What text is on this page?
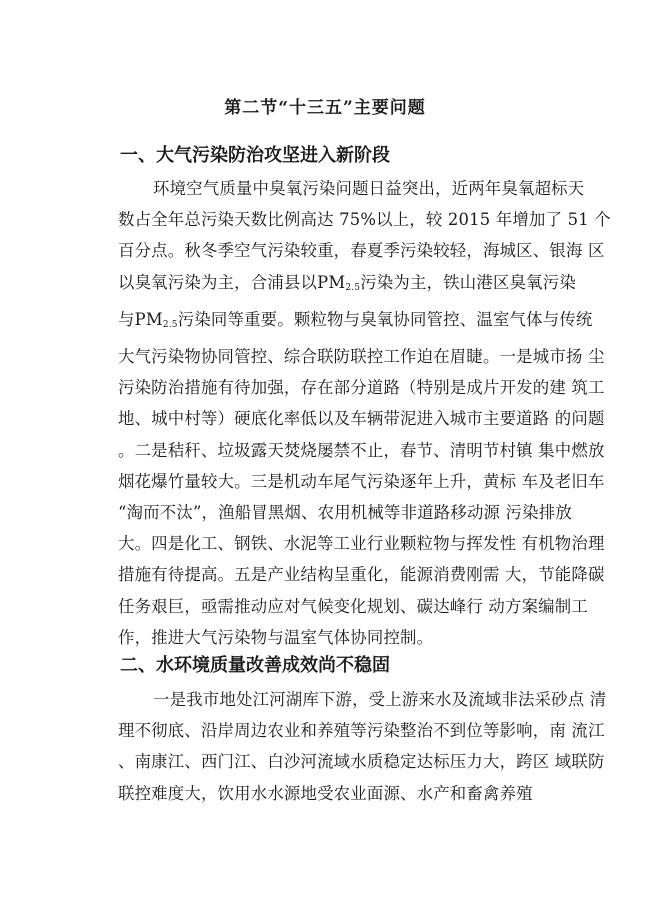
第二节“十三五”主要问题
一、大气污染防治攻坚进入新阶段
环境空气质量中臭氧污染问题日益突出，近两年臭氧超标天
数占全年总污染天数比例高达 75%以上，较 2015 年增加了 51 个
百分点。秋冬季空气污染较重，春夏季污染较轻，海城区、银海 区
以臭氧污染为主，合浦县以$PM_{2.5}$污染为主，铁山港区臭氧污染
与$PM_{2.5}$污染同等重要。颗粒物与臭氧协同管控、温室气体与传统
大气污染物协同管控、综合联防联控工作迫在眉睫。一是城市扬 尘
污染防治措施有待加强，存在部分道路（特别是成片开发的建 筑工
地、城中村等）硬底化率低以及车辆带泥进入城市主要道路 的问题
。二是秸秆、垃圾露天焚烧屡禁不止，春节、清明节村镇 集中燃放
烟花爆竹量较大。三是机动车尾气污染逐年上升，黄标 车及老旧车
“淘而不汰”，渔船冒黑烟、农用机械等非道路移动源 污染排放
大。四是化工、钢铁、水泥等工业行业颗粒物与挥发性 有机物治理
措施有待提高。五是产业结构呈重化，能源消费刚需 大，节能降碳
任务艰巨，亟需推动应对气候变化规划、碳达峰行 动方案编制工
作，推进大气污染物与温室气体协同控制。
二、水环境质量改善成效尚不稳固
一是我市地处江河湖库下游，受上游来水及流域非法采砂点 清
理不彻底、沿岸周边农业和养殖等污染整治不到位等影响，南 流江
、南康江、西门江、白沙河流域水质稳定达标压力大，跨区 域联防
联控难度大，饮用水水源地受农业面源、水产和畜禽养殖
